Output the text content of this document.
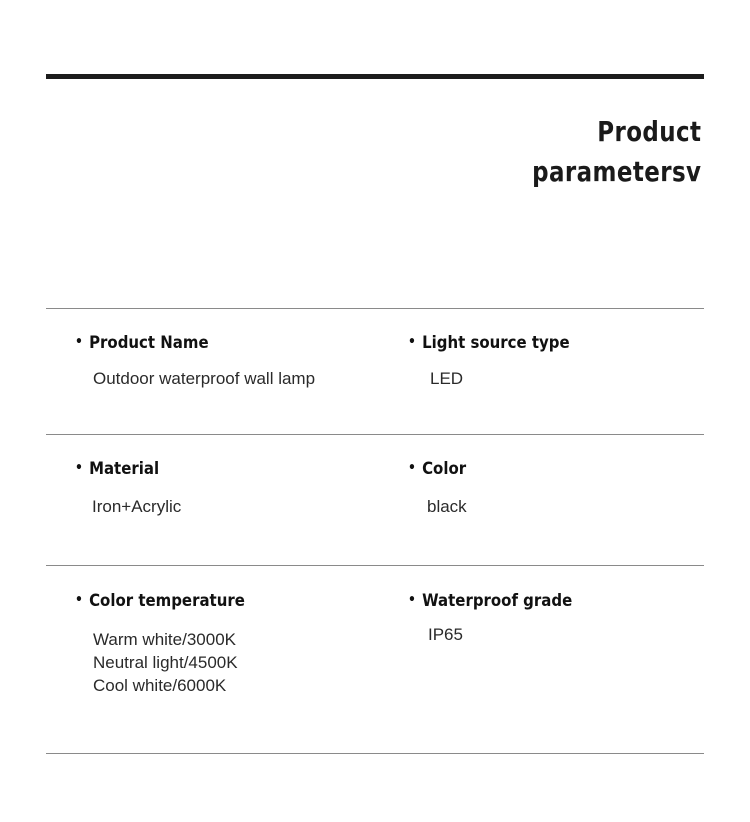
Product
parametersv
• Product Name
Outdoor waterproof wall lamp
• Light source type
LED
• Material
Iron+Acrylic
• Color
black
• Color temperature
Warm white/3000K
Neutral light/4500K
Cool white/6000K
• Waterproof grade
IP65
